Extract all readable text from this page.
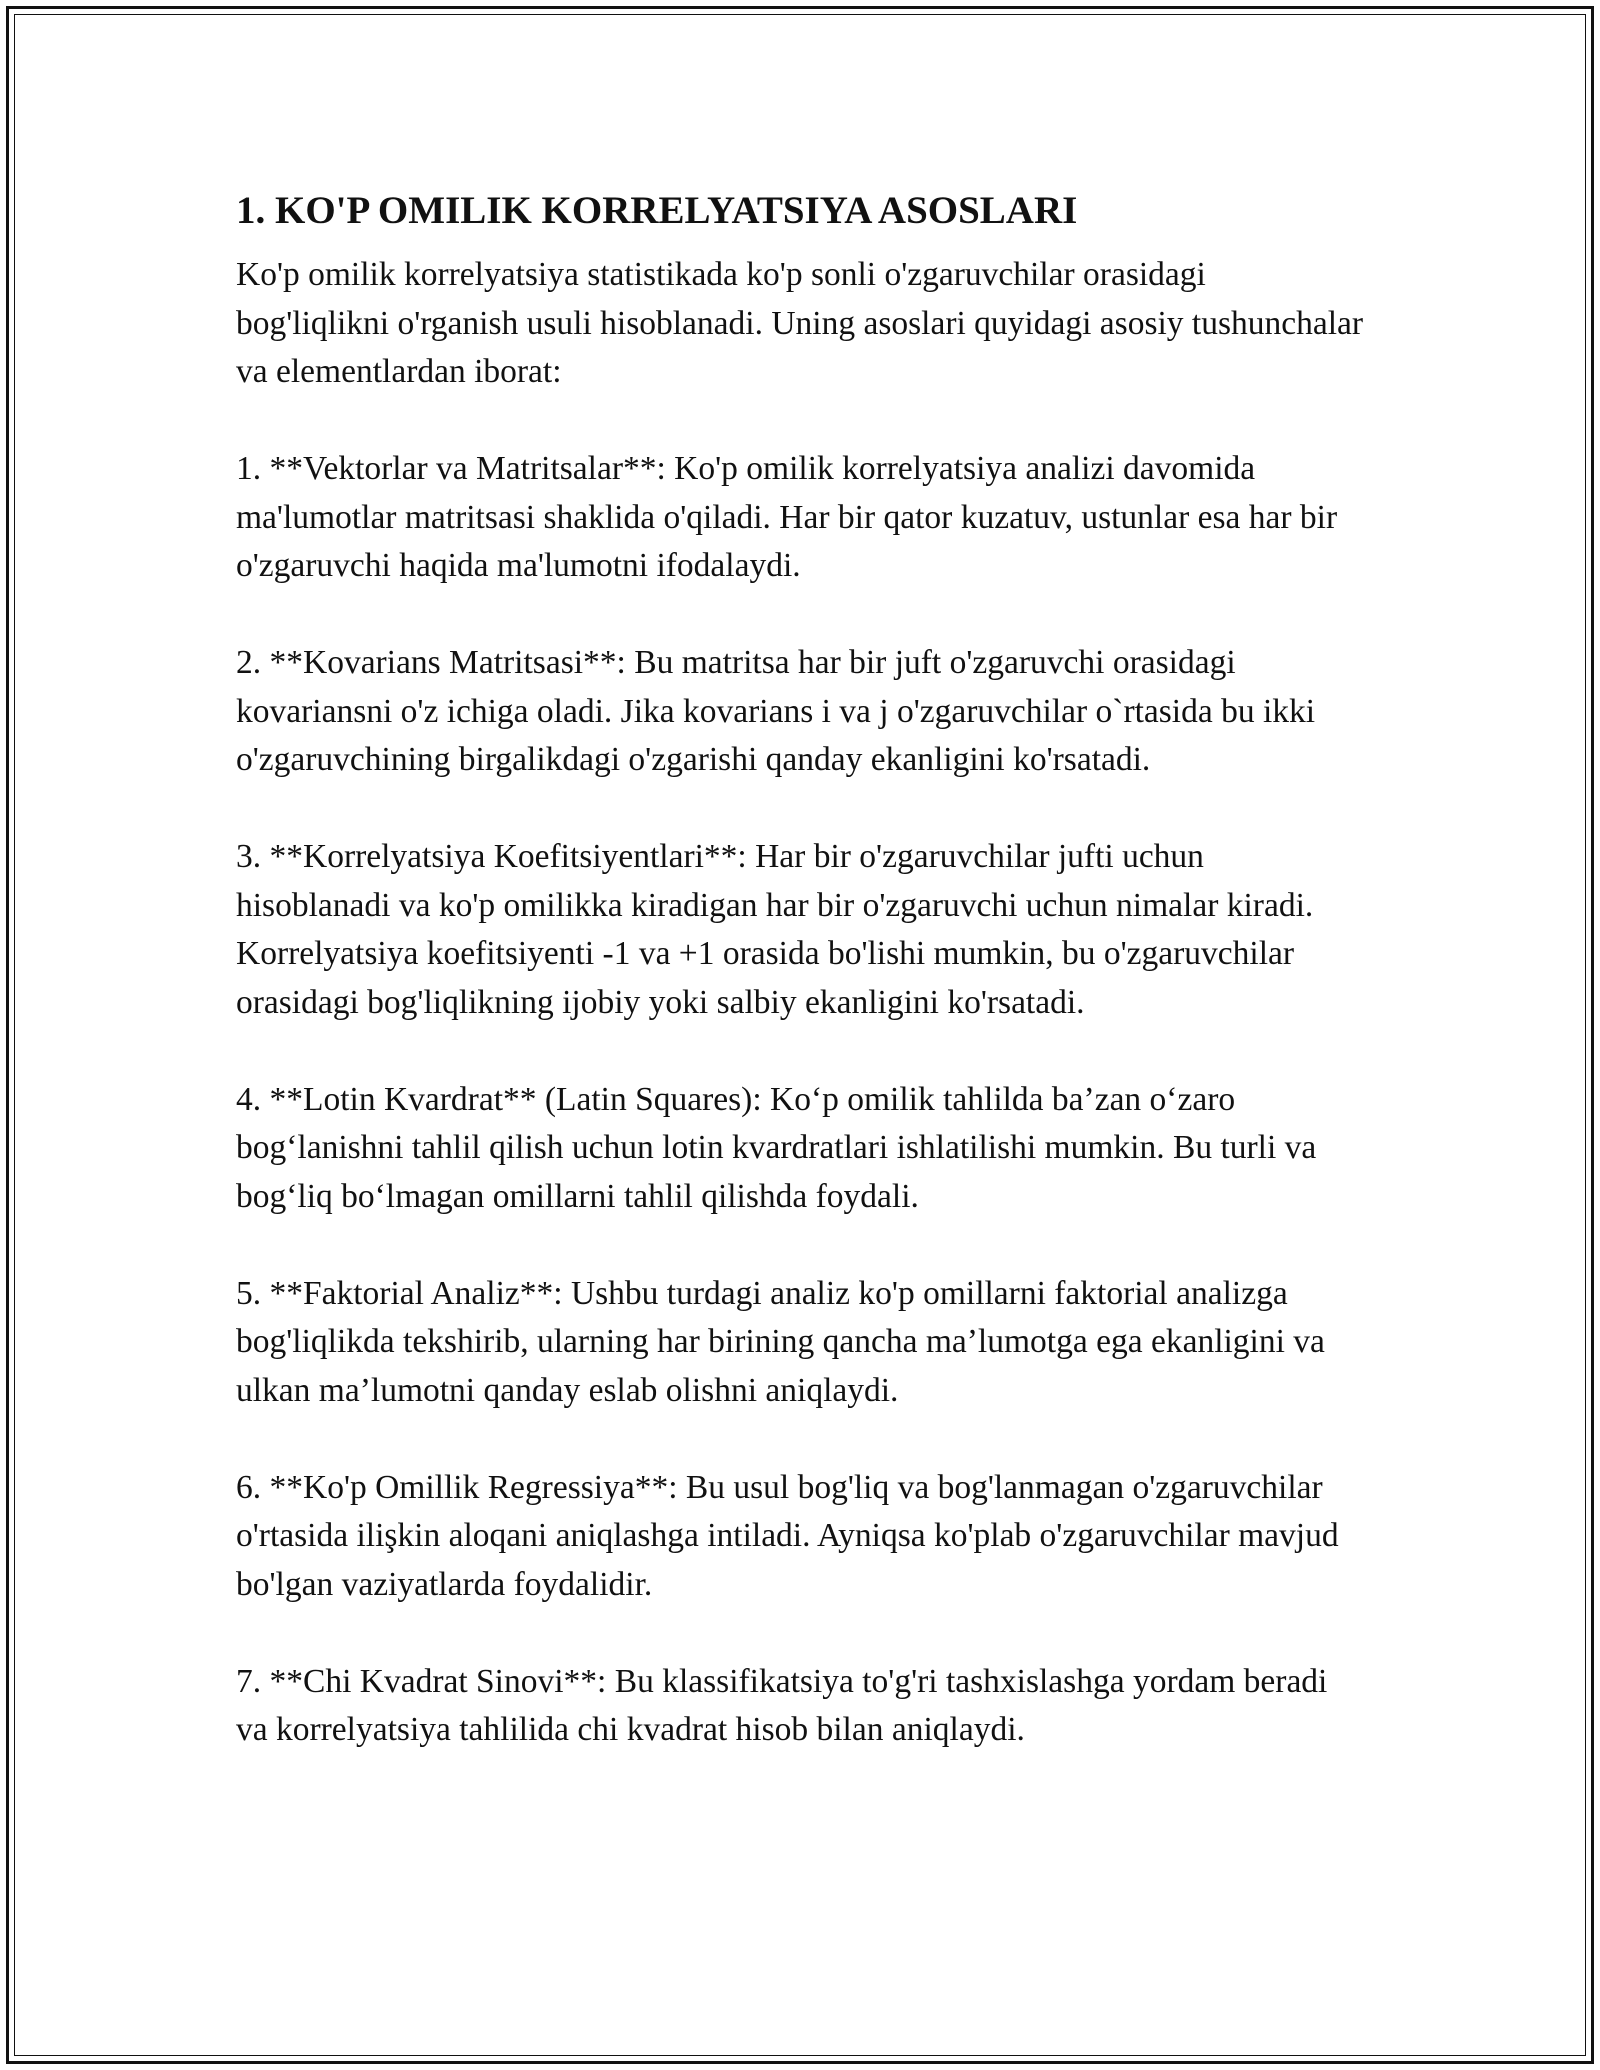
1. KO'P OMILIK KORRELYATSIYA ASOSLARI

Ko'p omilik korrelyatsiya statistikada ko'p sonli o'zgaruvchilar orasidagi bog'liqlikni o'rganish usuli hisoblanadi. Uning asoslari quyidagi asosiy tushunchalar va elementlardan iborat:

1. **Vektorlar va Matritsalar**: Ko'p omilik korrelyatsiya analizi davomida ma'lumotlar matritsasi shaklida o'qiladi. Har bir qator kuzatuv, ustunlar esa har bir o'zgaruvchi haqida ma'lumotni ifodalaydi.

2. **Kovarians Matritsasi**: Bu matritsa har bir juft o'zgaruvchi orasidagi kovariansni o'z ichiga oladi. Jika kovarians i va j o'zgaruvchilar o`rtasida bu ikki o'zgaruvchining birgalikdagi o'zgarishi qanday ekanligini ko'rsatadi.

3. **Korrelyatsiya Koefitsiyentlari**: Har bir o'zgaruvchilar jufti uchun hisoblanadi va ko'p omilikka kiradigan har bir o'zgaruvchi uchun nimalar kiradi. Korrelyatsiya koefitsiyenti -1 va +1 orasida bo'lishi mumkin, bu o'zgaruvchilar orasidagi bog'liqlikning ijobiy yoki salbiy ekanligini ko'rsatadi.

4. **Lotin Kvardrat** (Latin Squares): Ko‘p omilik tahlilda ba’zan o‘zaro bog‘lanishni tahlil qilish uchun lotin kvardratlari ishlatilishi mumkin. Bu turli va bog‘liq bo‘lmagan omillarni tahlil qilishda foydali.

5. **Faktorial Analiz**: Ushbu turdagi analiz ko'p omillarni faktorial analizga bog'liqlikda tekshirib, ularning har birining qancha ma’lumotga ega ekanligini va ulkan ma’lumotni qanday eslab olishni aniqlaydi.

6. **Ko'p Omillik Regressiya**: Bu usul bog'liq va bog'lanmagan o'zgaruvchilar o'rtasida ilişkin aloqani aniqlashga intiladi. Ayniqsa ko'plab o'zgaruvchilar mavjud bo'lgan vaziyatlarda foydalidir.

7. **Chi Kvadrat Sinovi**: Bu klassifikatsiya to'g'ri tashxislashga yordam beradi va korrelyatsiya tahlilida chi kvadrat hisob bilan aniqlaydi.
